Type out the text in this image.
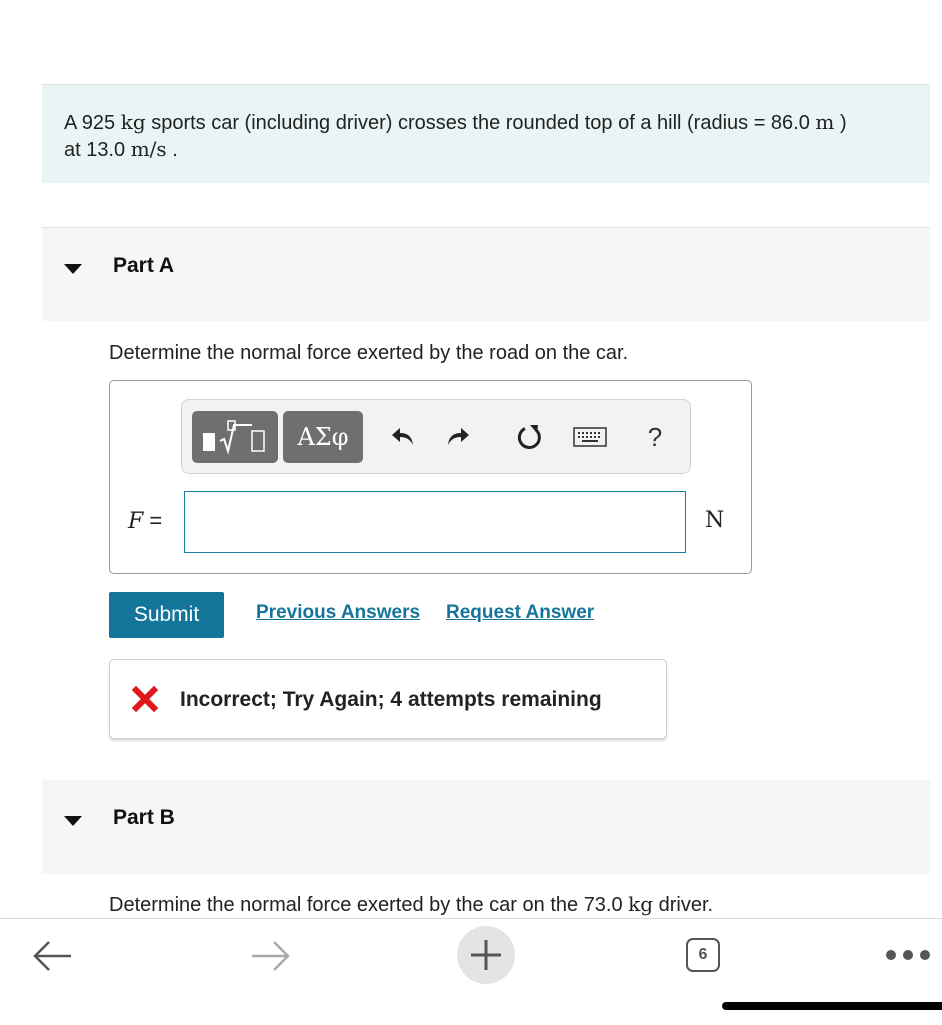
A 925 kg sports car (including driver) crosses the rounded top of a hill (radius = 86.0 m )
at 13.0 m/s .
Part A
Determine the normal force exerted by the road on the car.
ΑΣφ	?
F =	N
Submit	Previous Answers Request Answer
Incorrect; Try Again; 4 attempts remaining
Part B
Determine the normal force exerted by the car on the 73.0 kg driver.
6
